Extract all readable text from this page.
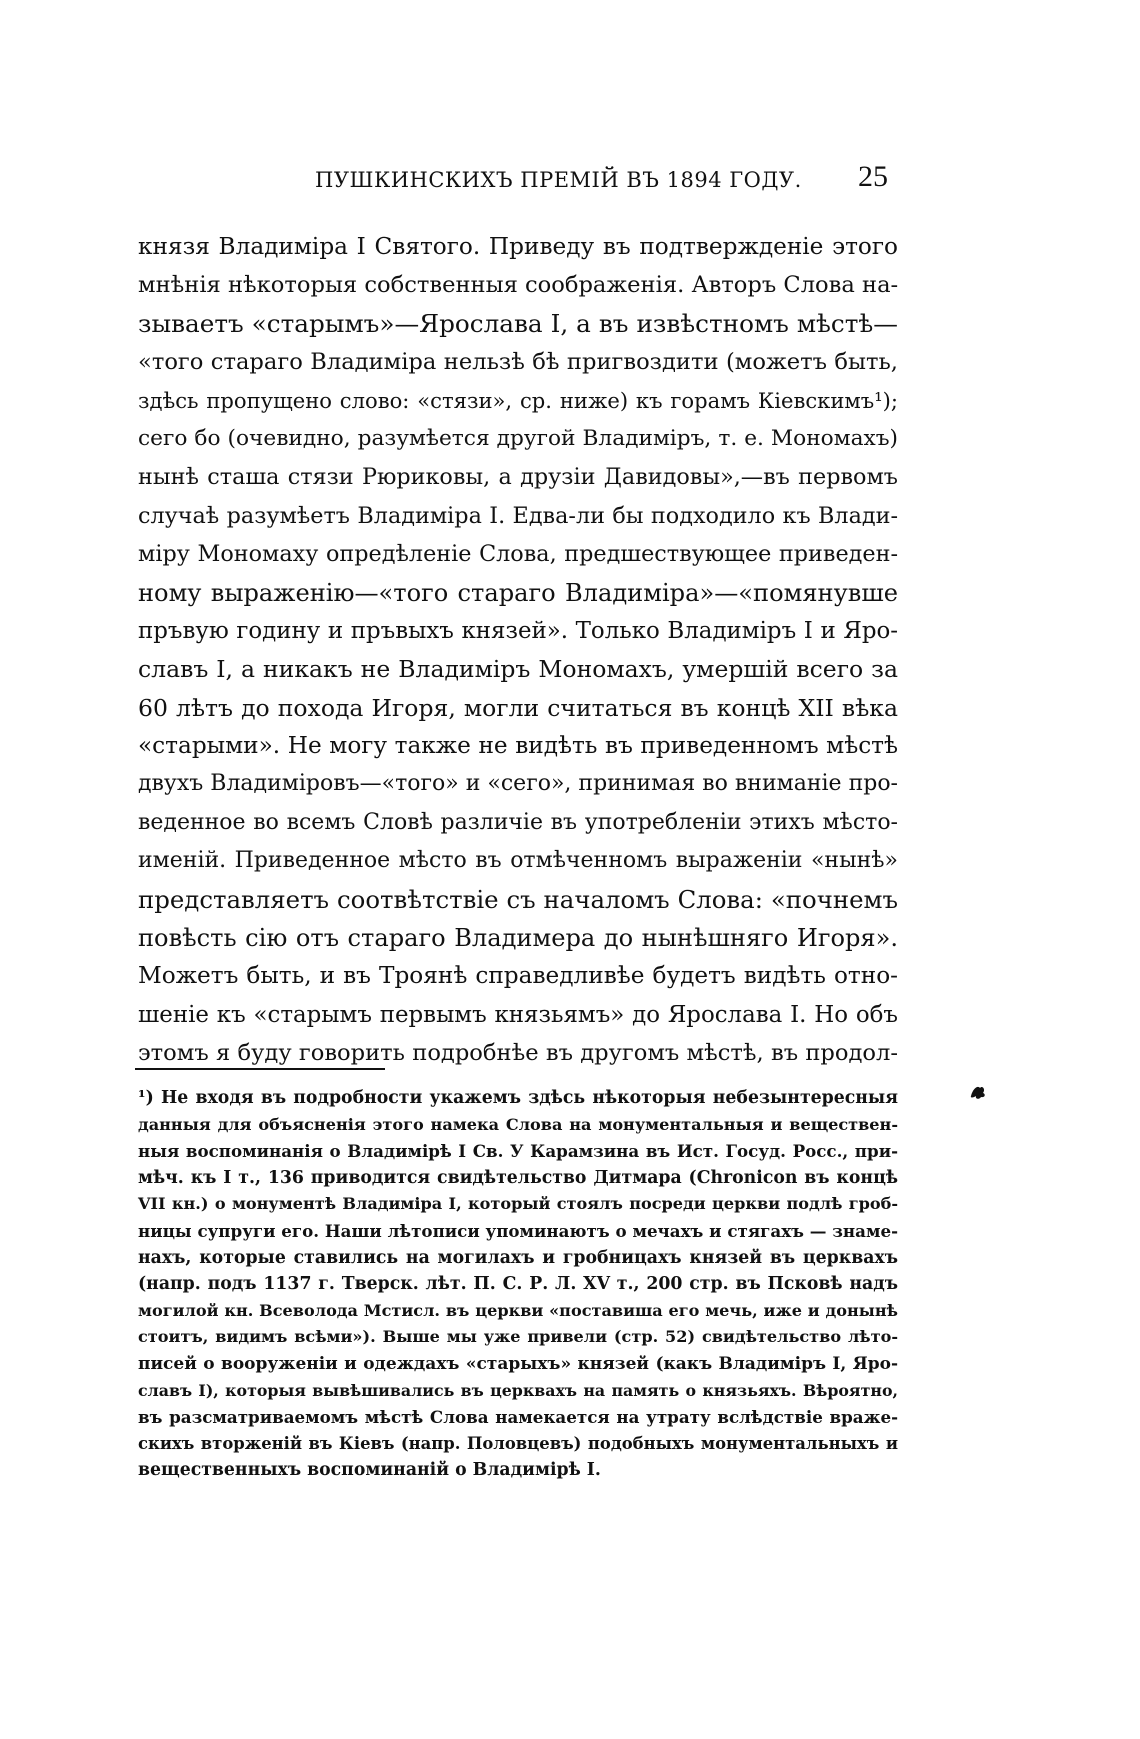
ПУШКИНСКИХЪ ПРЕМІЙ ВЪ 1894 ГОДУ.	25
князя Владиміра I Святого. Приведу въ подтвержденіе этого
мнѣнія нѣкоторыя собственныя соображенія. Авторъ Слова на-
зываетъ «старымъ»—Ярослава I, а въ извѣстномъ мѣстѣ—
«того стараго Владиміра нельзѣ бѣ пригвоздити (можетъ быть,
здѣсь пропущено слово: «стязи», ср. ниже) къ горамъ Кіевскимъ¹);
сего бо (очевидно, разумѣется другой Владиміръ, т. е. Мономахъ)
нынѣ сташа стязи Рюриковы, а друзіи Давидовы»,—въ первомъ
случаѣ разумѣетъ Владиміра I. Едва-ли бы подходило къ Влади-
міру Мономаху опредѣленіе Слова, предшествующее приведен-
ному выраженію—«того стараго Владиміра»—«помянувше
пръвую годину и пръвыхъ князей». Только Владиміръ I и Яро-
славъ I, а никакъ не Владиміръ Мономахъ, умершій всего за
60 лѣтъ до похода Игоря, могли считаться въ концѣ XII вѣка
«старыми». Не могу также не видѣть въ приведенномъ мѣстѣ
двухъ Владиміровъ—«того» и «сего», принимая во вниманіе про-
веденное во всемъ Словѣ различіе въ употребленіи этихъ мѣсто-
именій. Приведенное мѣсто въ отмѣченномъ выраженіи «нынѣ»
представляетъ соотвѣтствіе съ началомъ Слова: «почнемъ
повѣсть сію отъ стараго Владимера до нынѣшняго Игоря».
Можетъ быть, и въ Троянѣ справедливѣе будетъ видѣть отно-
шеніе къ «старымъ первымъ князьямъ» до Ярослава I. Но объ
этомъ я буду говорить подробнѣе въ другомъ мѣстѣ, въ продол-
¹) Не входя въ подробности укажемъ здѣсь нѣкоторыя небезынтересныя
данныя для объясненія этого намека Слова на монументальныя и веществен-
ныя воспоминанія о Владимірѣ I Св. У Карамзина въ Ист. Госуд. Росс., при-
мѣч. къ I т., 136 приводится свидѣтельство Дитмара (Chronicon въ концѣ
VII кн.) о монументѣ Владиміра I, который стоялъ посреди церкви подлѣ гроб-
ницы супруги его. Наши лѣтописи упоминаютъ о мечахъ и стягахъ — знаме-
нахъ, которые ставились на могилахъ и гробницахъ князей въ церквахъ
(напр. подъ 1137 г. Тверск. лѣт. П. С. Р. Л. XV т., 200 стр. въ Псковѣ надъ
могилой кн. Всеволода Мстисл. въ церкви «поставиша его мечь, иже и донынѣ
стоитъ, видимъ всѣми»). Выше мы уже привели (стр. 52) свидѣтельство лѣто-
писей о вооруженіи и одеждахъ «старыхъ» князей (какъ Владиміръ I, Яро-
славъ I), которыя вывѣшивались въ церквахъ на память о князьяхъ. Вѣроятно,
въ разсматриваемомъ мѣстѣ Слова намекается на утрату вслѣдствіе враже-
скихъ вторженій въ Кіевъ (напр. Половцевъ) подобныхъ монументальныхъ и
вещественныхъ воспоминаній о Владимірѣ I.
